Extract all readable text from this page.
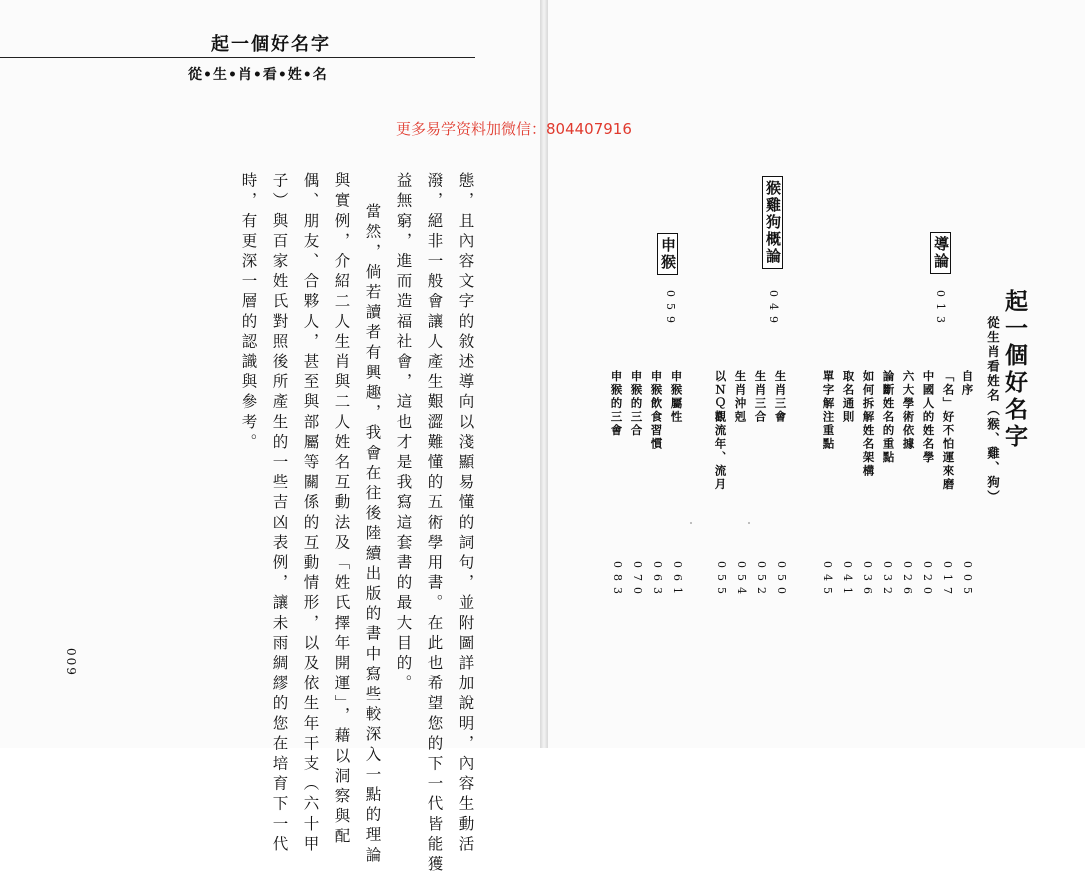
起一個好名字
從•生•肖•看•姓•名
態，且內容文字的敘述導向以淺顯易懂的詞句，並附圖詳加說明，內容生動活
潑，絕非一般會讓人產生艱澀難懂的五術學用書。在此也希望您的下一代皆能獲
益無窮，進而造福社會，這也才是我寫這套書的最大目的。
當然，倘若讀者有興趣，我會在往後陸續出版的書中寫些較深入一點的理論
與實例，介紹二人生肖與二人姓名互動法及「姓氏擇年開運」，藉以洞察與配
偶、朋友、合夥人，甚至與部屬等關係的互動情形，以及依生年干支（六十甲
子）與百家姓氏對照後所產生的一些吉凶表例，讓未雨綢繆的您在培育下一代
時，有更深一層的認識與參考。
009
起一個好名字
從生肖看姓名（猴、雞、狗）
自序
005
導論
013
「名」好不怕運來磨
017
中國人的姓名學
020
六大學術依據
026
論斷姓名的重點
032
如何拆解姓名架構
036
取名通則
041
單字解注重點
045
猴雞狗概論
049
生肖三會
050
生肖三合
052
生肖沖剋
054
以ＮＱ觀流年、流月
055
申猴
059
申猴屬性
061
申猴飲食習慣
063
申猴的三合
070
申猴的三會
083
更多易学资料加微信：804407916
